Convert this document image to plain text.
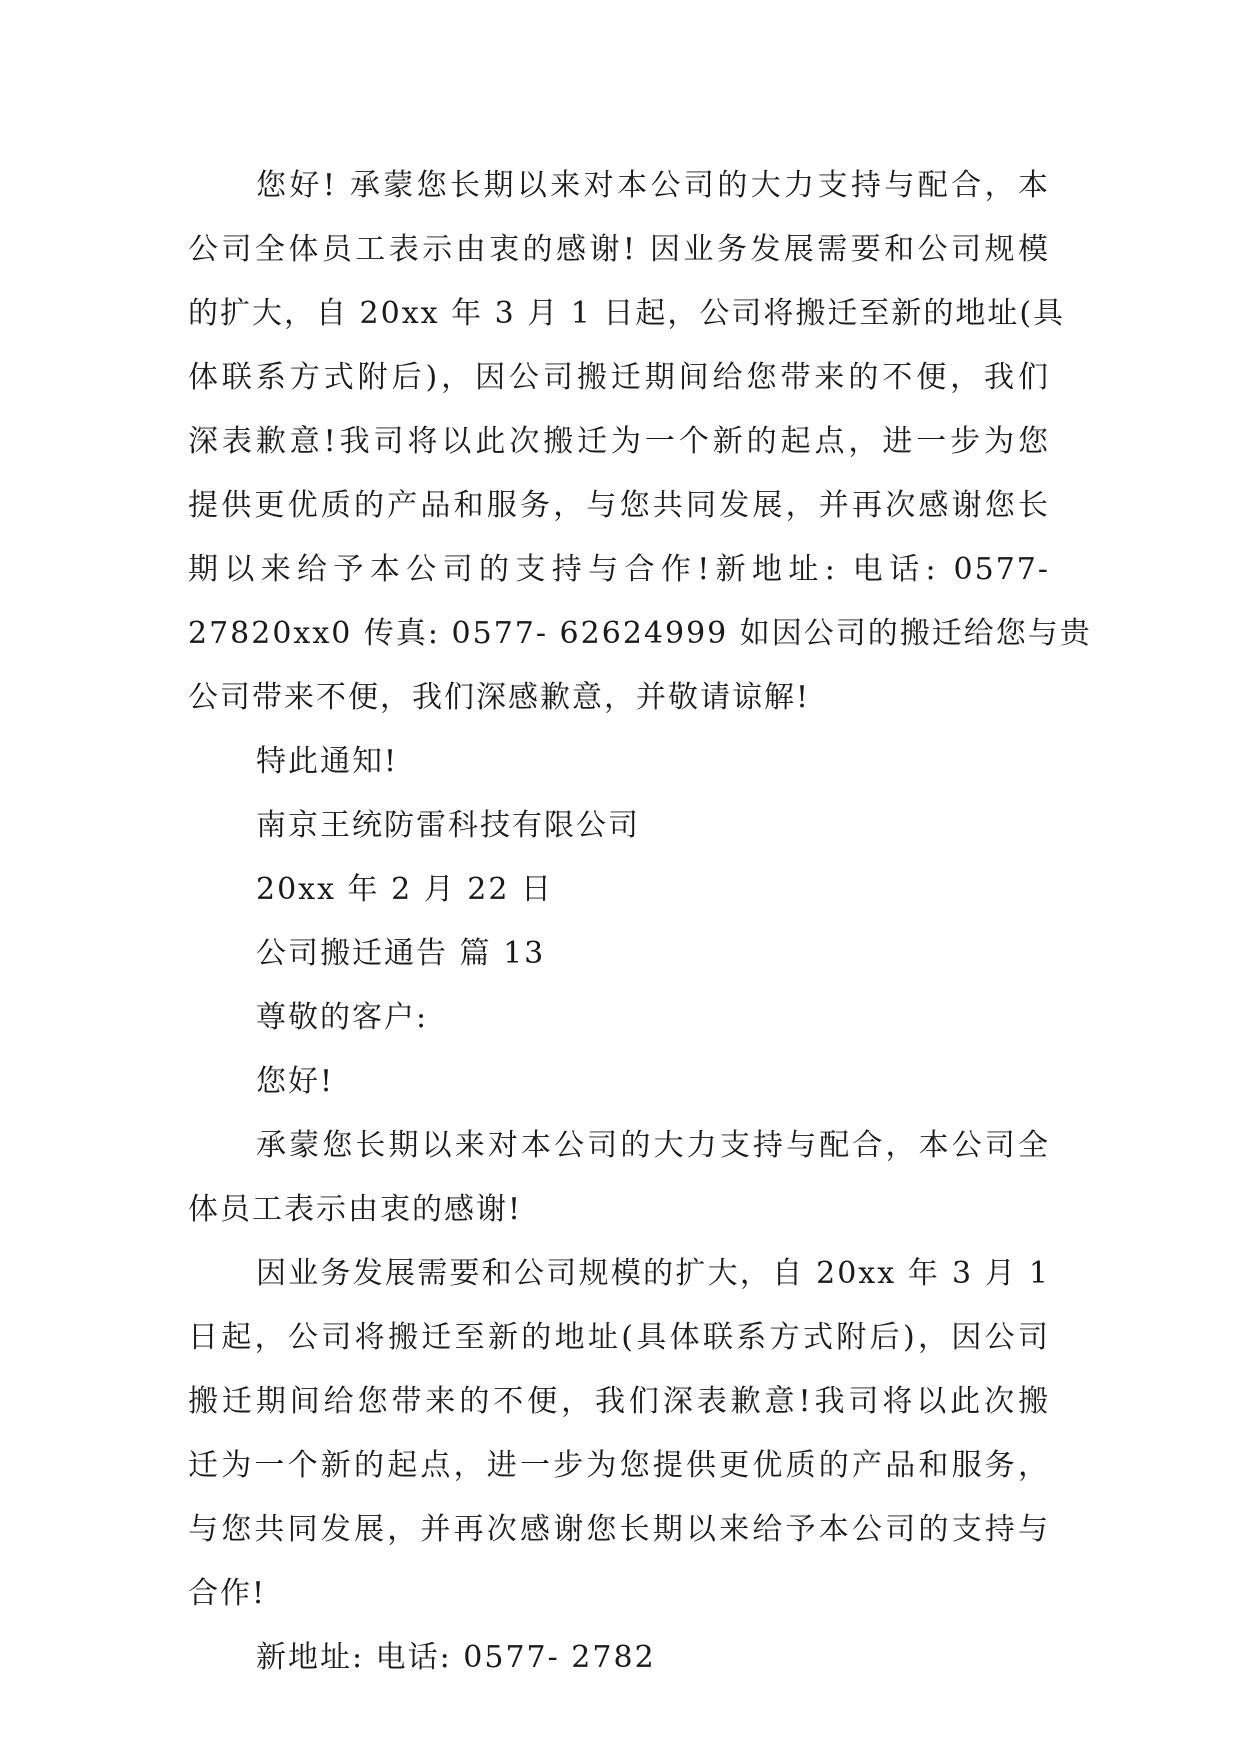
您好! 承蒙您长期以来对本公司的大力支持与配合，本
公司全体员工表示由衷的感谢! 因业务发展需要和公司规模
的扩大，自 20xx 年 3 月 1 日起，公司将搬迁至新的地址(具
体联系方式附后)，因公司搬迁期间给您带来的不便，我们
深表歉意!我司将以此次搬迁为一个新的起点，进一步为您
提供更优质的产品和服务，与您共同发展，并再次感谢您长
期以来给予本公司的支持与合作!新地址: 电话: 0577-
27820xx0 传真: 0577- 62624999 如因公司的搬迁给您与贵
公司带来不便，我们深感歉意，并敬请谅解!
特此通知!
南京王统防雷科技有限公司
20xx 年 2 月 22 日
公司搬迁通告 篇 13
尊敬的客户:
您好!
承蒙您长期以来对本公司的大力支持与配合，本公司全
体员工表示由衷的感谢!
因业务发展需要和公司规模的扩大，自 20xx 年 3 月 1
日起，公司将搬迁至新的地址(具体联系方式附后)，因公司
搬迁期间给您带来的不便，我们深表歉意!我司将以此次搬
迁为一个新的起点，进一步为您提供更优质的产品和服务，
与您共同发展，并再次感谢您长期以来给予本公司的支持与
合作!
新地址: 电话: 0577- 2782
